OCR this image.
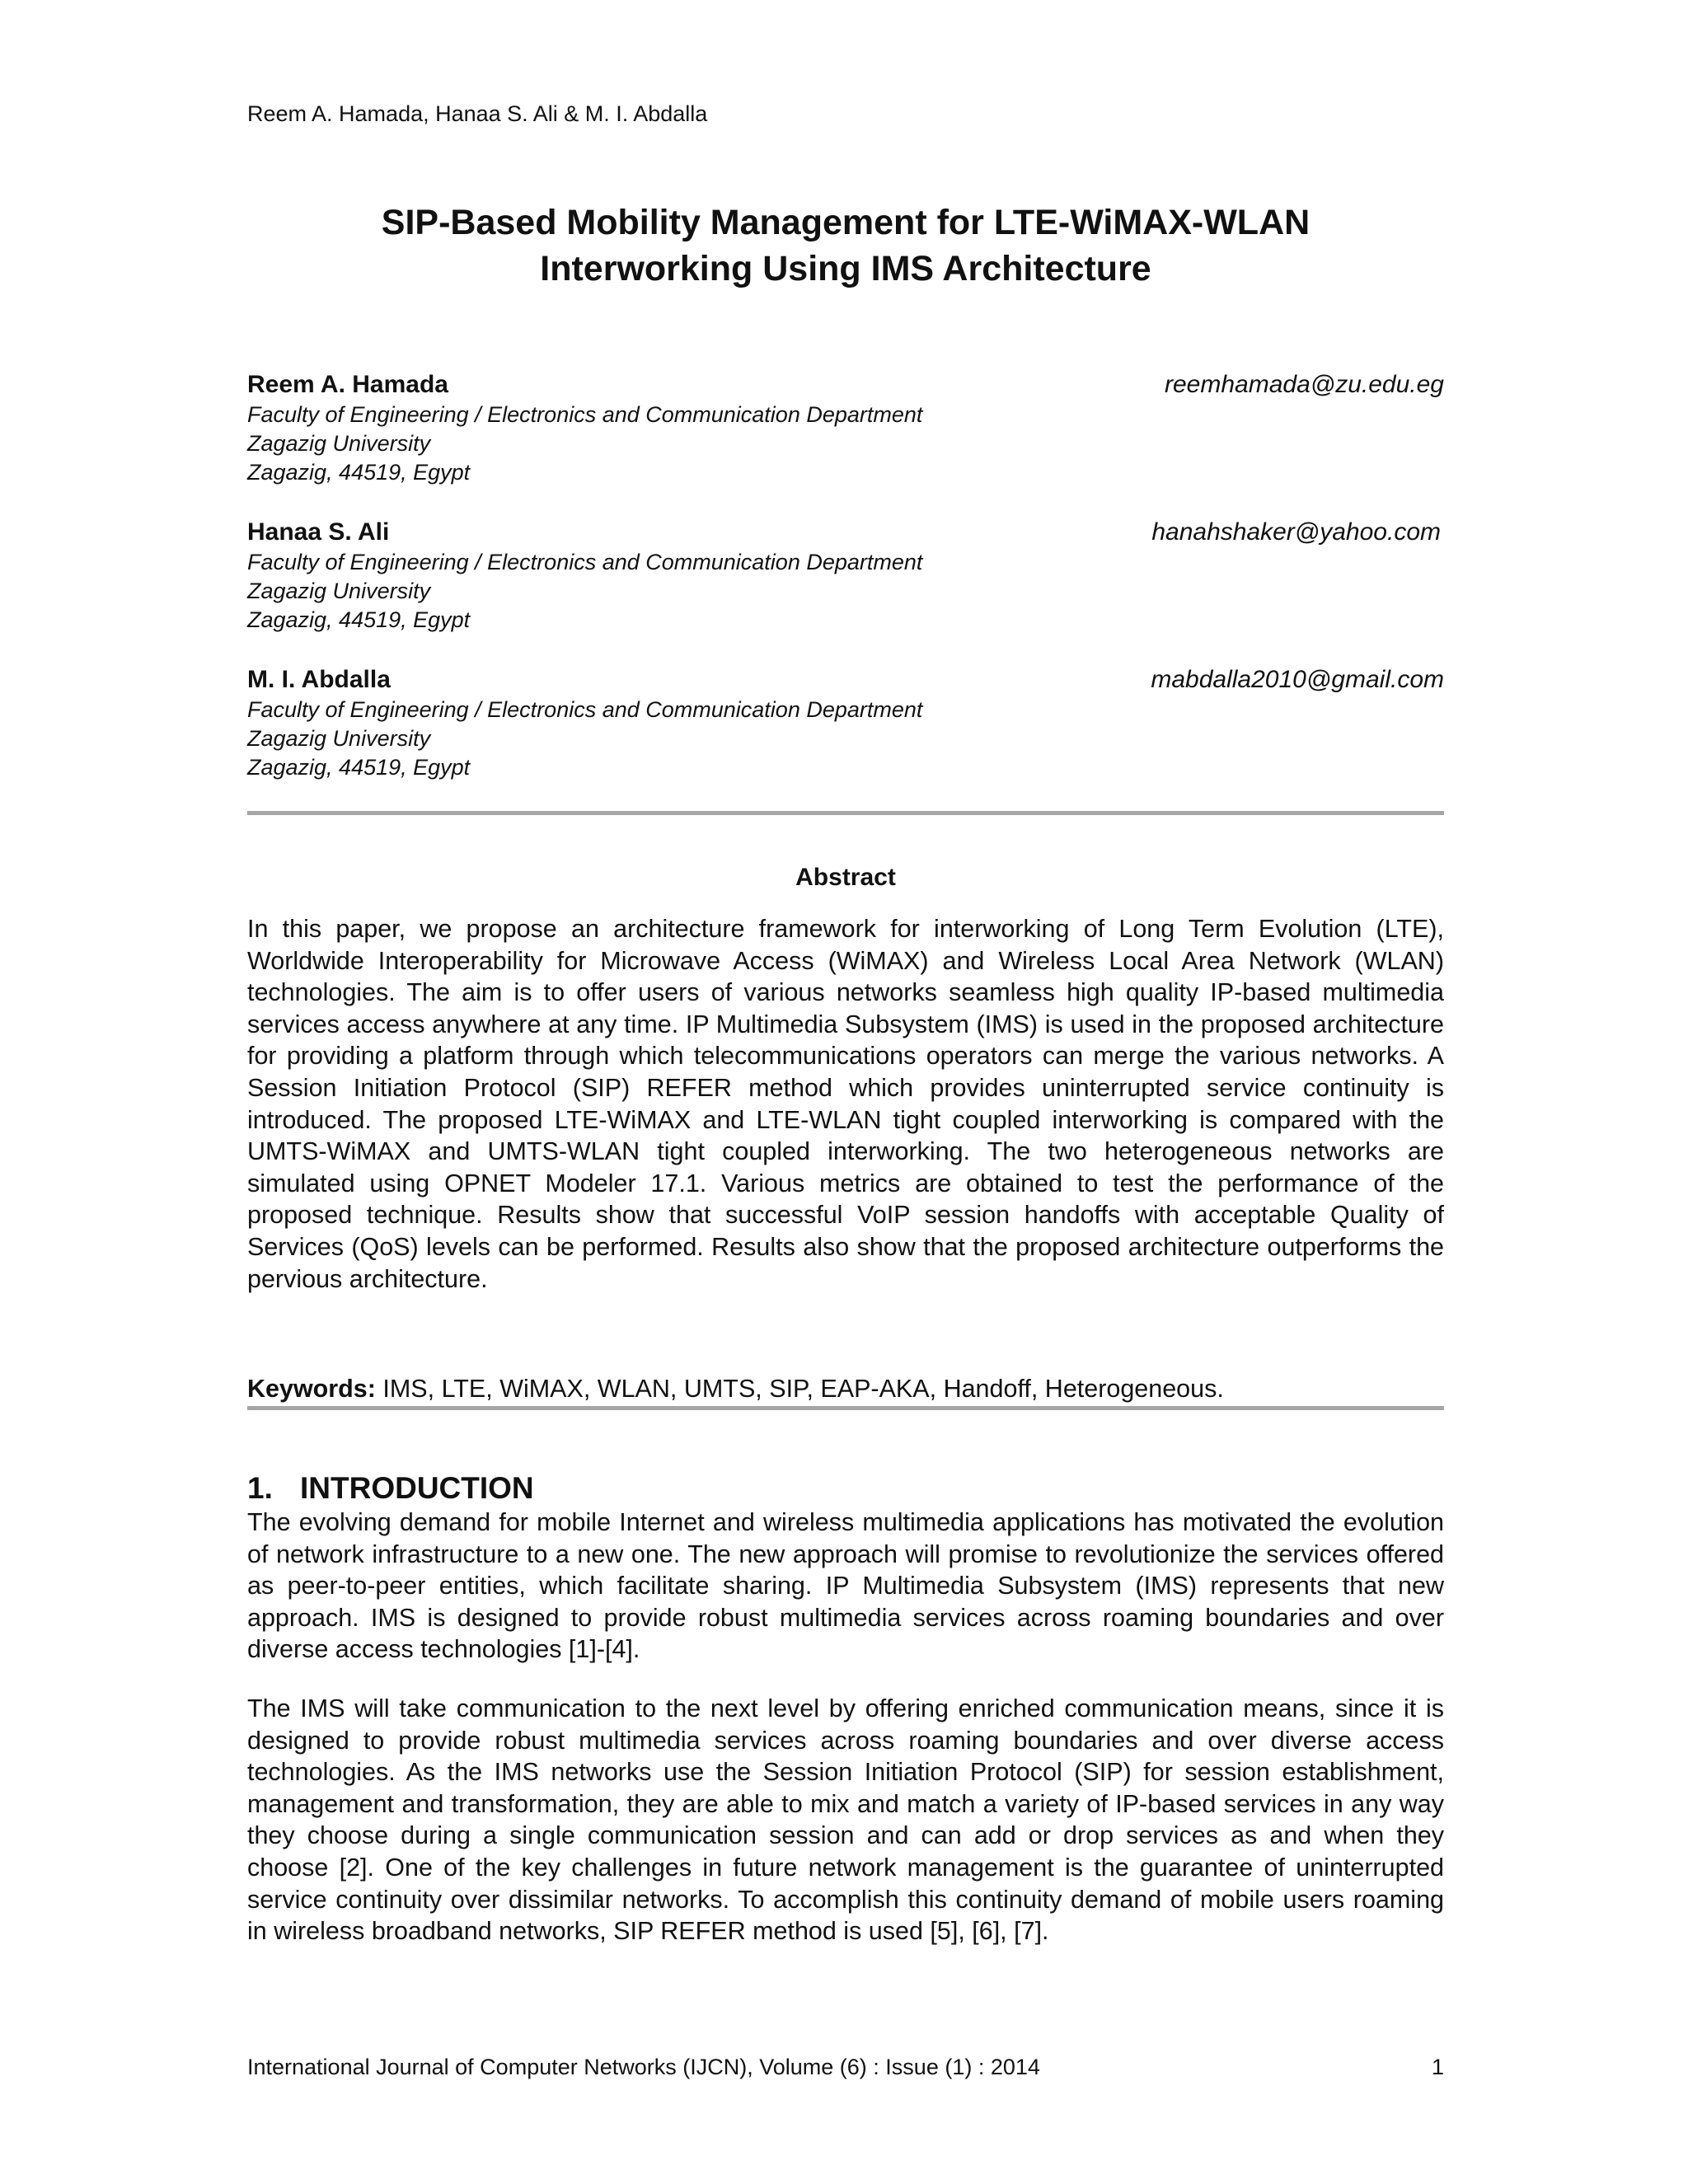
Reem A. Hamada, Hanaa S. Ali & M. I. Abdalla
SIP-Based Mobility Management for LTE-WiMAX-WLAN
Interworking Using IMS Architecture
Reem A. Hamada	reemhamada@zu.edu.eg
Faculty of Engineering / Electronics and Communication Department
Zagazig University
Zagazig, 44519, Egypt
Hanaa S. Ali	hanahshaker@yahoo.com
Faculty of Engineering / Electronics and Communication Department
Zagazig University
Zagazig, 44519, Egypt
M. I. Abdalla	mabdalla2010@gmail.com
Faculty of Engineering / Electronics and Communication Department
Zagazig University
Zagazig, 44519, Egypt
Abstract

In this paper, we propose an architecture framework for interworking of Long Term Evolution (LTE), Worldwide Interoperability for Microwave Access (WiMAX) and Wireless Local Area Network (WLAN) technologies. The aim is to offer users of various networks seamless high quality IP-based multimedia services access anywhere at any time. IP Multimedia Subsystem (IMS) is used in the proposed architecture for providing a platform through which telecommunications operators can merge the various networks. A Session Initiation Protocol (SIP) REFER method which provides uninterrupted service continuity is introduced. The proposed LTE-WiMAX and LTE-WLAN tight coupled interworking is compared with the UMTS-WiMAX and UMTS-WLAN tight coupled interworking. The two heterogeneous networks are simulated using OPNET Modeler 17.1. Various metrics are obtained to test the performance of the proposed technique. Results show that successful VoIP session handoffs with acceptable Quality of Services (QoS) levels can be performed. Results also show that the proposed architecture outperforms the pervious architecture.

Keywords: IMS, LTE, WiMAX, WLAN, UMTS, SIP, EAP-AKA, Handoff, Heterogeneous.
1. INTRODUCTION

The evolving demand for mobile Internet and wireless multimedia applications has motivated the evolution of network infrastructure to a new one. The new approach will promise to revolutionize the services offered as peer-to-peer entities, which facilitate sharing. IP Multimedia Subsystem (IMS) represents that new approach. IMS is designed to provide robust multimedia services across roaming boundaries and over diverse access technologies [1]-[4].

The IMS will take communication to the next level by offering enriched communication means, since it is designed to provide robust multimedia services across roaming boundaries and over diverse access technologies. As the IMS networks use the Session Initiation Protocol (SIP) for session establishment, management and transformation, they are able to mix and match a variety of IP-based services in any way they choose during a single communication session and can add or drop services as and when they choose [2]. One of the key challenges in future network management is the guarantee of uninterrupted service continuity over dissimilar networks. To accomplish this continuity demand of mobile users roaming in wireless broadband networks, SIP REFER method is used [5], [6], [7].

International Journal of Computer Networks (IJCN), Volume (6) : Issue (1) : 2014	1
